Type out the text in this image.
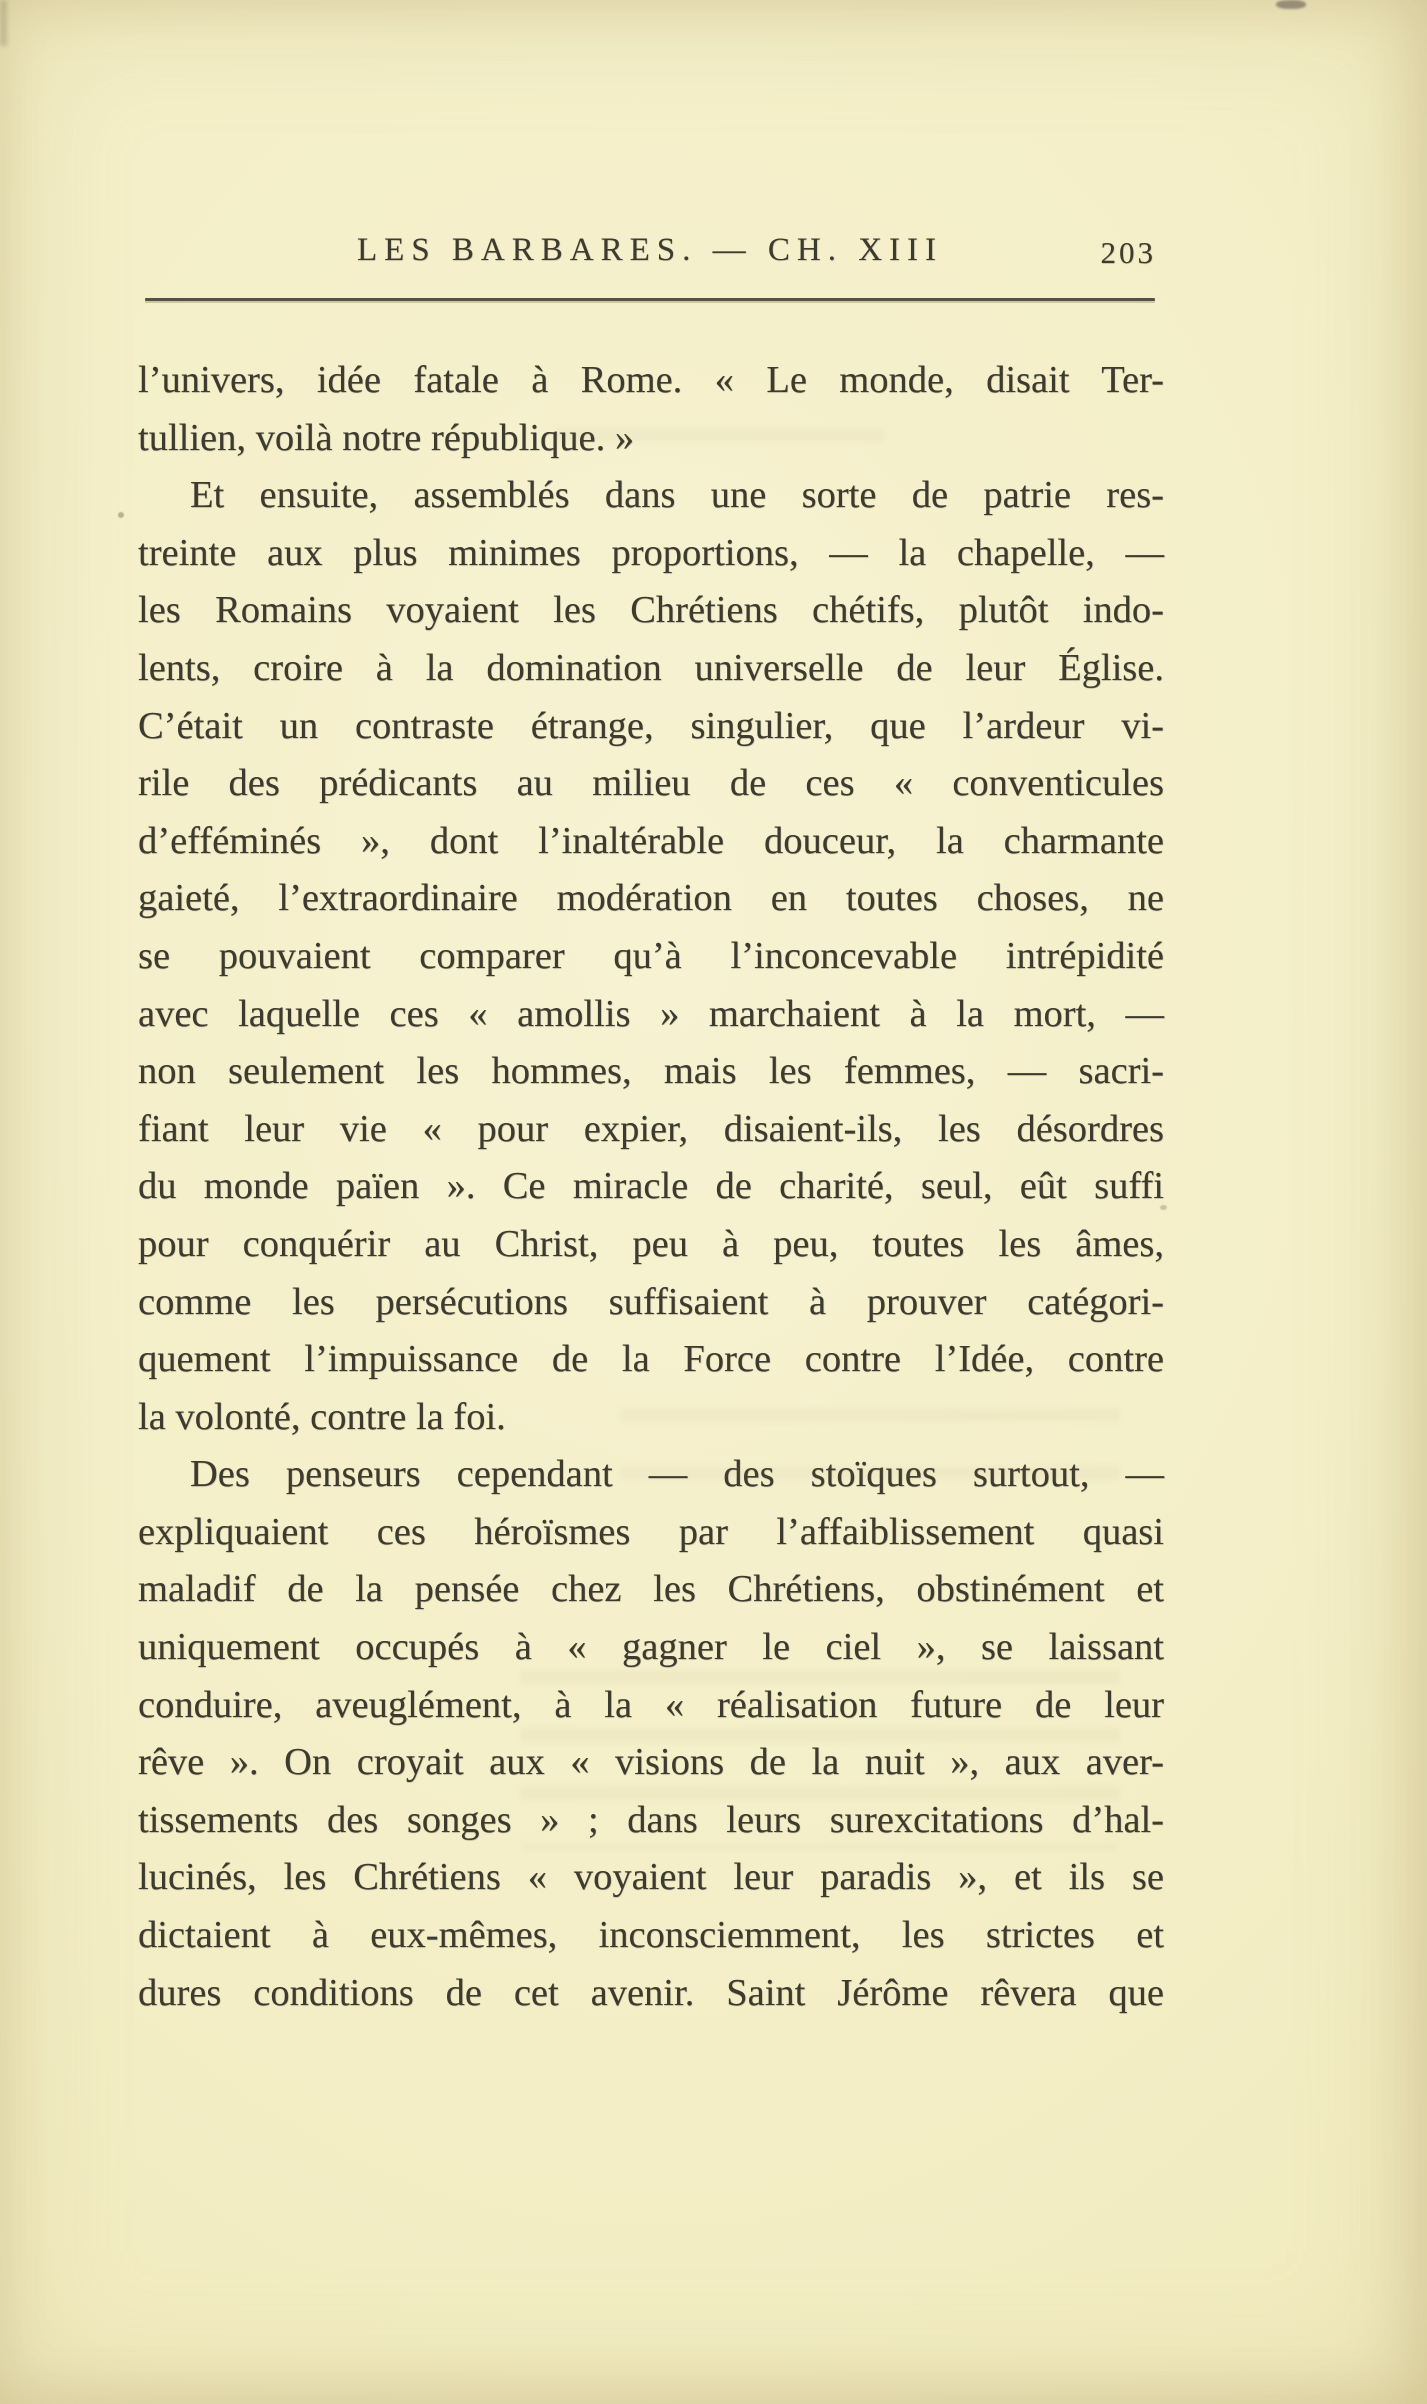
LES BARBARES. — CH. XIII	203
l’univers, idée fatale à Rome. « Le monde, disait Ter-
tullien, voilà notre république. »
Et ensuite, assemblés dans une sorte de patrie res-
treinte aux plus minimes proportions, — la chapelle, —
les Romains voyaient les Chrétiens chétifs, plutôt indo-
lents, croire à la domination universelle de leur Église.
C’était un contraste étrange, singulier, que l’ardeur vi-
rile des prédicants au milieu de ces « conventicules
d’efféminés », dont l’inaltérable douceur, la charmante
gaieté, l’extraordinaire modération en toutes choses, ne
se pouvaient comparer qu’à l’inconcevable intrépidité
avec laquelle ces « amollis » marchaient à la mort, —
non seulement les hommes, mais les femmes, — sacri-
fiant leur vie « pour expier, disaient-ils, les désordres
du monde païen ». Ce miracle de charité, seul, eût suffi
pour conquérir au Christ, peu à peu, toutes les âmes,
comme les persécutions suffisaient à prouver catégori-
quement l’impuissance de la Force contre l’Idée, contre
la volonté, contre la foi.
Des penseurs cependant — des stoïques surtout, —
expliquaient ces héroïsmes par l’affaiblissement quasi
maladif de la pensée chez les Chrétiens, obstinément et
uniquement occupés à « gagner le ciel », se laissant
conduire, aveuglément, à la « réalisation future de leur
rêve ». On croyait aux « visions de la nuit », aux aver-
tissements des songes » ; dans leurs surexcitations d’hal-
lucinés, les Chrétiens « voyaient leur paradis », et ils se
dictaient à eux-mêmes, inconsciemment, les strictes et
dures conditions de cet avenir. Saint Jérôme rêvera que
